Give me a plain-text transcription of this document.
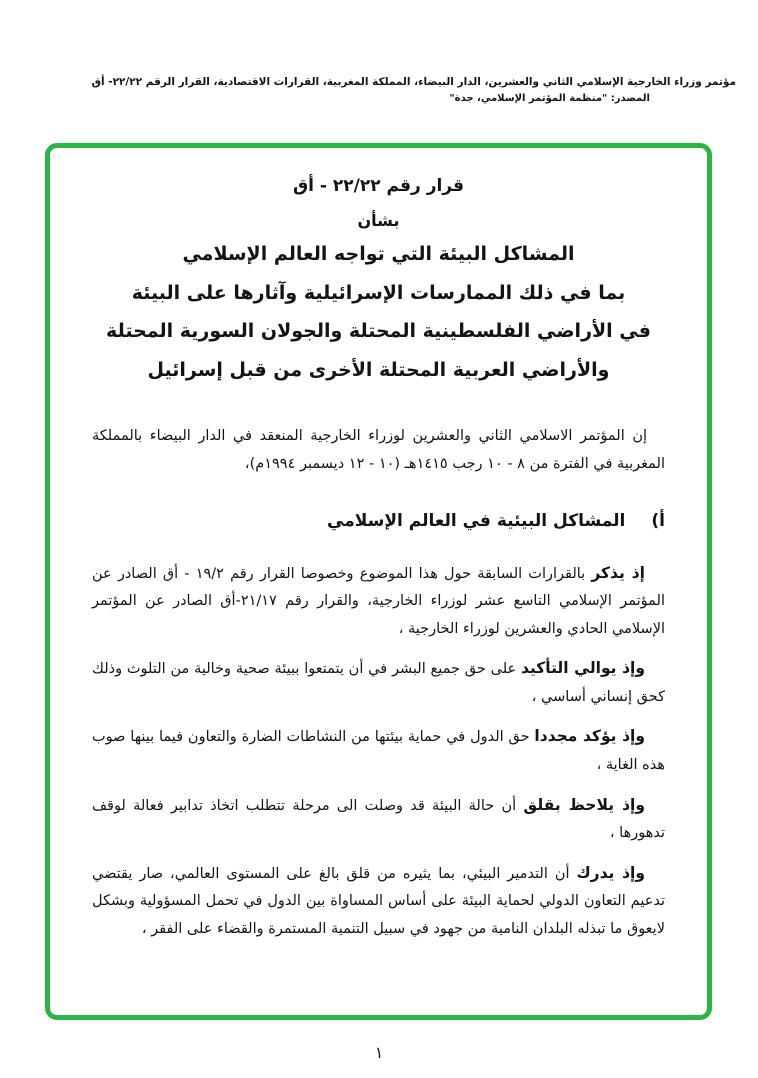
مؤتمر وزراء الخارجية الإسلامي الثاني والعشرين، الدار البيضاء، المملكة المغربية، القرارات الاقتصادية، القرار الرقم ٢٢/٢٢- أق
المصدر: "منظمة المؤتمر الإسلامي، جدة"
قرار رقم ٢٢/٢٢ - أق
بشأن
المشاكل البيئة التي تواجه العالم الإسلامي
بما في ذلك الممارسات الإسرائيلية وآثارها على البيئة
في الأراضي الفلسطينية المحتلة والجولان السورية المحتلة
والأراضي العربية المحتلة الأخرى من قبل إسرائيل

إن المؤتمر الاسلامي الثاني والعشرين لوزراء الخارجية المنعقد في الدار البيضاء بالمملكة المغربية في الفترة من ٨ - ١٠ رجب ١٤١٥هـ (١٠ - ١٢ ديسمبر ١٩٩٤م)،

أ)
المشاكل البيئية في العالم الإسلامي

إذ يذكر بالقرارات السابقة حول هذا الموضوع وخصوصا القرار رقم ١٩/٢ - أق الصادر عن المؤتمر الإسلامي التاسع عشر لوزراء الخارجية، والقرار رقم ٢١/١٧-أق الصادر عن المؤتمر الإسلامي الحادي والعشرين لوزراء الخارجية ،

وإذ يوالي التأكيد على حق جميع البشر في أن يتمتعوا ببيئة صحية وخالية من التلوث وذلك كحق إنساني أساسي ،

وإذ يؤكد مجددا حق الدول في حماية بيئتها من النشاطات الضارة والتعاون فيما بينها صوب هذه الغاية ،

وإذ يلاحظ بقلق أن حالة البيئة قد وصلت الى مرحلة تتطلب اتخاذ تدابير فعالة لوقف تدهورها ،

وإذ يدرك أن التدمير البيئي، بما يثيره من قلق بالغ على المستوى العالمي، صار يقتضي تدعيم التعاون الدولي لحماية البيئة على أساس المساواة بين الدول في تحمل المسؤولية وبشكل لايعوق ما تبذله البلدان النامية من جهود في سبيل التنمية المستمرة والقضاء على الفقر ،

١
